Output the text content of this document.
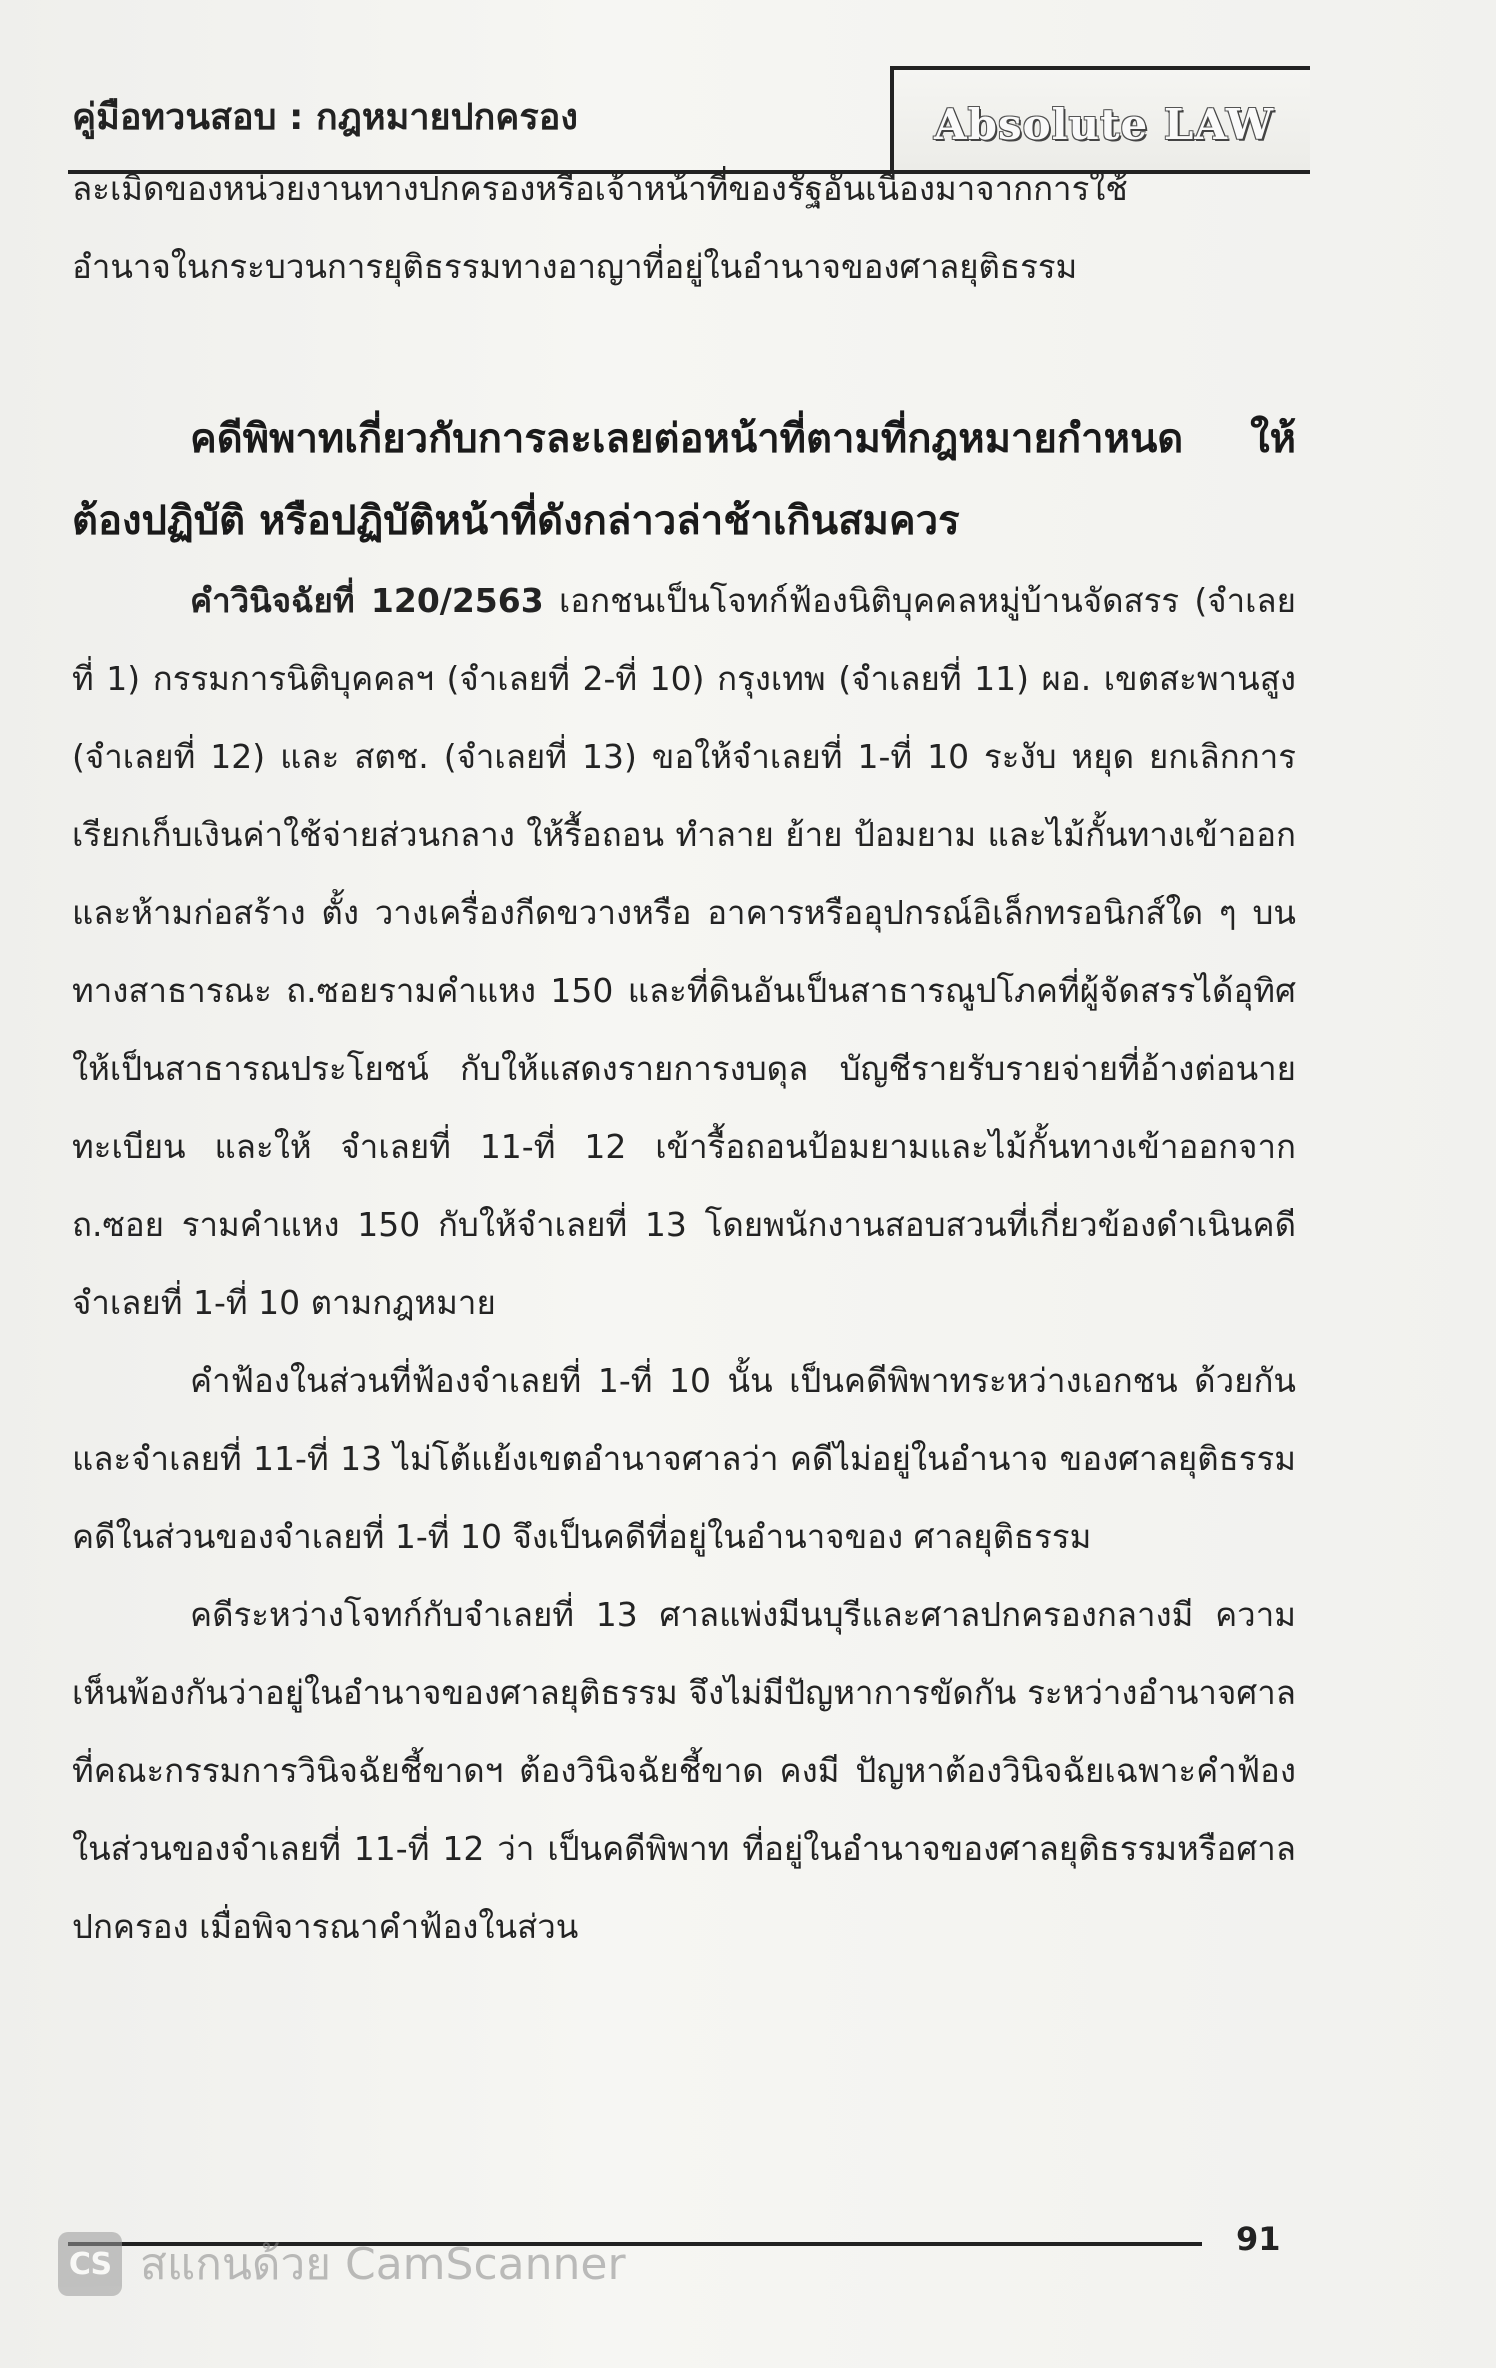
คู่มือทวนสอบ : กฎหมายปกครอง	Absolute LAW

ละเมิดของหน่วยงานทางปกครองหรือเจ้าหน้าที่ของรัฐอันเนื่องมาจากการใช้

อำนาจในกระบวนการยุติธรรมทางอาญาที่อยู่ในอำนาจของศาลยุติธรรม

คดีพิพาทเกี่ยวกับการละเลยต่อหน้าที่ตามที่กฎหมายกำหนด ให้ต้องปฏิบัติ หรือปฏิบัติหน้าที่ดังกล่าวล่าช้าเกินสมควร

คำวินิจฉัยที่ 120/2563 เอกชนเป็นโจทก์ฟ้องนิติบุคคลหมู่บ้านจัดสรร (จำเลยที่ 1) กรรมการนิติบุคคลฯ (จำเลยที่ 2-ที่ 10) กรุงเทพ (จำเลยที่ 11) ผอ. เขตสะพานสูง (จำเลยที่ 12) และ สตช. (จำเลยที่ 13) ขอให้จำเลยที่ 1-ที่ 10 ระงับ หยุด ยกเลิกการเรียกเก็บเงินค่าใช้จ่ายส่วนกลาง ให้รื้อถอน ทำลาย ย้าย ป้อมยาม และไม้กั้นทางเข้าออก และห้ามก่อสร้าง ตั้ง วางเครื่องกีดขวางหรือ อาคารหรืออุปกรณ์อิเล็กทรอนิกส์ใด ๆ บนทางสาธารณะ ถ.ซอยรามคำแหง 150 และที่ดินอันเป็นสาธารณูปโภคที่ผู้จัดสรรได้อุทิศให้เป็นสาธารณประโยชน์ กับให้แสดงรายการงบดุล บัญชีรายรับรายจ่ายที่อ้างต่อนายทะเบียน และให้ จำเลยที่ 11-ที่ 12 เข้ารื้อถอนป้อมยามและไม้กั้นทางเข้าออกจาก ถ.ซอย รามคำแหง 150 กับให้จำเลยที่ 13 โดยพนักงานสอบสวนที่เกี่ยวข้องดำเนินคดี จำเลยที่ 1-ที่ 10 ตามกฎหมาย

คำฟ้องในส่วนที่ฟ้องจำเลยที่ 1-ที่ 10 นั้น เป็นคดีพิพาทระหว่างเอกชน ด้วยกัน และจำเลยที่ 11-ที่ 13 ไม่โต้แย้งเขตอำนาจศาลว่า คดีไม่อยู่ในอำนาจ ของศาลยุติธรรม คดีในส่วนของจำเลยที่ 1-ที่ 10 จึงเป็นคดีที่อยู่ในอำนาจของ ศาลยุติธรรม

คดีระหว่างโจทก์กับจำเลยที่ 13 ศาลแพ่งมีนบุรีและศาลปกครองกลางมี ความเห็นพ้องกันว่าอยู่ในอำนาจของศาลยุติธรรม จึงไม่มีปัญหาการขัดกัน ระหว่างอำนาจศาลที่คณะกรรมการวินิจฉัยชี้ขาดฯ ต้องวินิจฉัยชี้ขาด คงมี ปัญหาต้องวินิจฉัยเฉพาะคำฟ้องในส่วนของจำเลยที่ 11-ที่ 12 ว่า เป็นคดีพิพาท ที่อยู่ในอำนาจของศาลยุติธรรมหรือศาลปกครอง เมื่อพิจารณาคำฟ้องในส่วน

91
CS สแกนด้วย CamScanner
